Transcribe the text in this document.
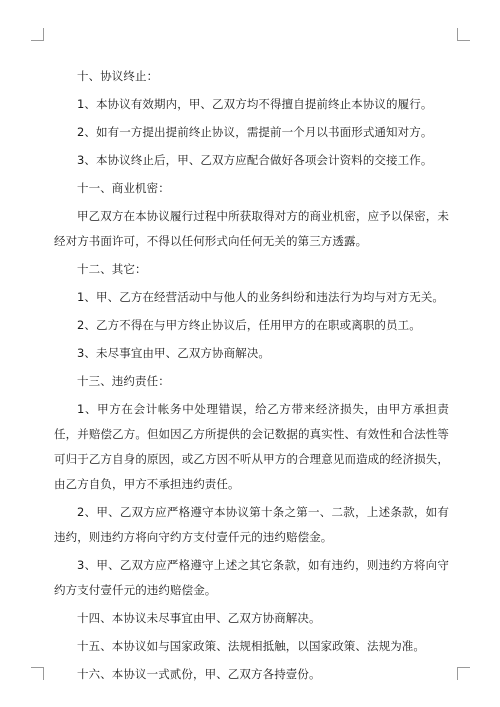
十、协议终止：

1、本协议有效期内，甲、乙双方均不得擅自提前终止本协议的履行。

2、如有一方提出提前终止协议，需提前一个月以书面形式通知对方。

3、本协议终止后，甲、乙双方应配合做好各项会计资料的交接工作。

十一、商业机密：

甲乙双方在本协议履行过程中所获取得对方的商业机密，应予以保密，未经对方书面许可，不得以任何形式向任何无关的第三方透露。

十二、其它：

1、甲、乙方在经营活动中与他人的业务纠纷和违法行为均与对方无关。

2、乙方不得在与甲方终止协议后，任用甲方的在职或离职的员工。

3、未尽事宜由甲、乙双方协商解决。

十三、违约责任：

1、甲方在会计帐务中处理错误，给乙方带来经济损失，由甲方承担责任，并赔偿乙方。但如因乙方所提供的会记数据的真实性、有效性和合法性等可归于乙方自身的原因，或乙方因不听从甲方的合理意见而造成的经济损失，由乙方自负，甲方不承担违约责任。

2、甲、乙双方应严格遵守本协议第十条之第一、二款，上述条款，如有违约，则违约方将向守约方支付壹仟元的违约赔偿金。

3、甲、乙双方应严格遵守上述之其它条款，如有违约，则违约方将向守约方支付壹仟元的违约赔偿金。

十四、本协议未尽事宜由甲、乙双方协商解决。

十五、本协议如与国家政策、法规相抵触，以国家政策、法规为准。

十六、本协议一式贰份，甲、乙双方各持壹份。
